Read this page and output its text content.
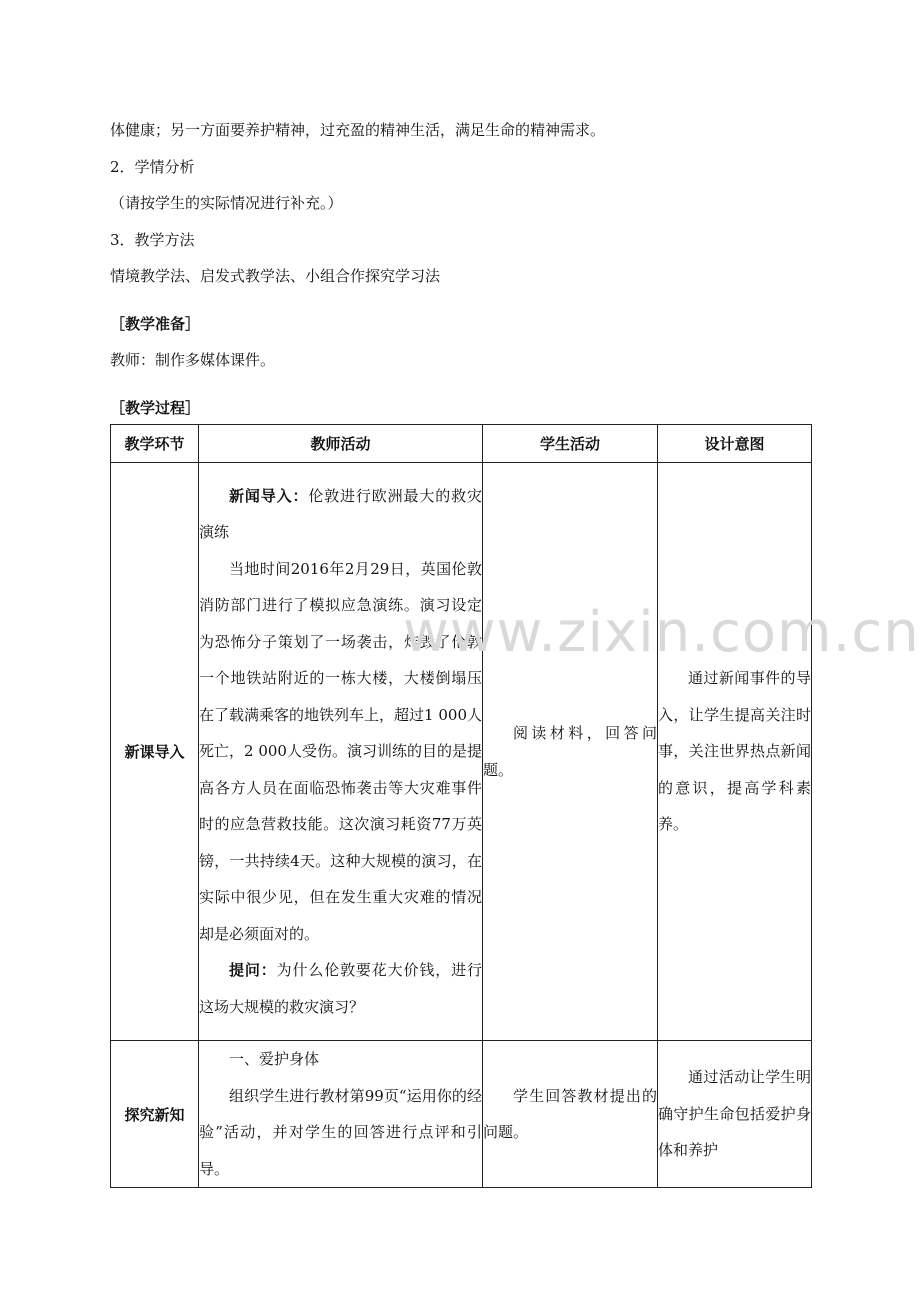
体健康；另一方面要养护精神，过充盈的精神生活，满足生命的精神需求。
2．学情分析
（请按学生的实际情况进行补充。）
3．教学方法
情境教学法、启发式教学法、小组合作探究学习法
［教学准备］
教师：制作多媒体课件。
［教学过程］
教学环节	教师活动	学生活动	设计意图
新课导入	新闻导入：伦敦进行欧洲最大的救灾演练

当地时间2016年2月29日，英国伦敦消防部门进行了模拟应急演练。演习设定为恐怖分子策划了一场袭击，炸毁了伦敦一个地铁站附近的一栋大楼，大楼倒塌压在了载满乘客的地铁列车上，超过1 000人死亡，2 000人受伤。演习训练的目的是提高各方人员在面临恐怖袭击等大灾难事件时的应急营救技能。这次演习耗资77万英镑，一共持续4天。这种大规模的演习，在实际中很少见，但在发生重大灾难的情况却是必须面对的。

提问：为什么伦敦要花大价钱，进行这场大规模的救灾演习？	阅读材料，回答问题。	通过新闻事件的导入，让学生提高关注时事，关注世界热点新闻的意识，提高学科素养。

探究新知	一、爱护身体

组织学生进行教材第99页“运用你的经验”活动，并对学生的回答进行点评和引导。	学生回答教材提出的问题。	通过活动让学生明确守护生命包括爱护身体和养护

www.zixin.com.cn
